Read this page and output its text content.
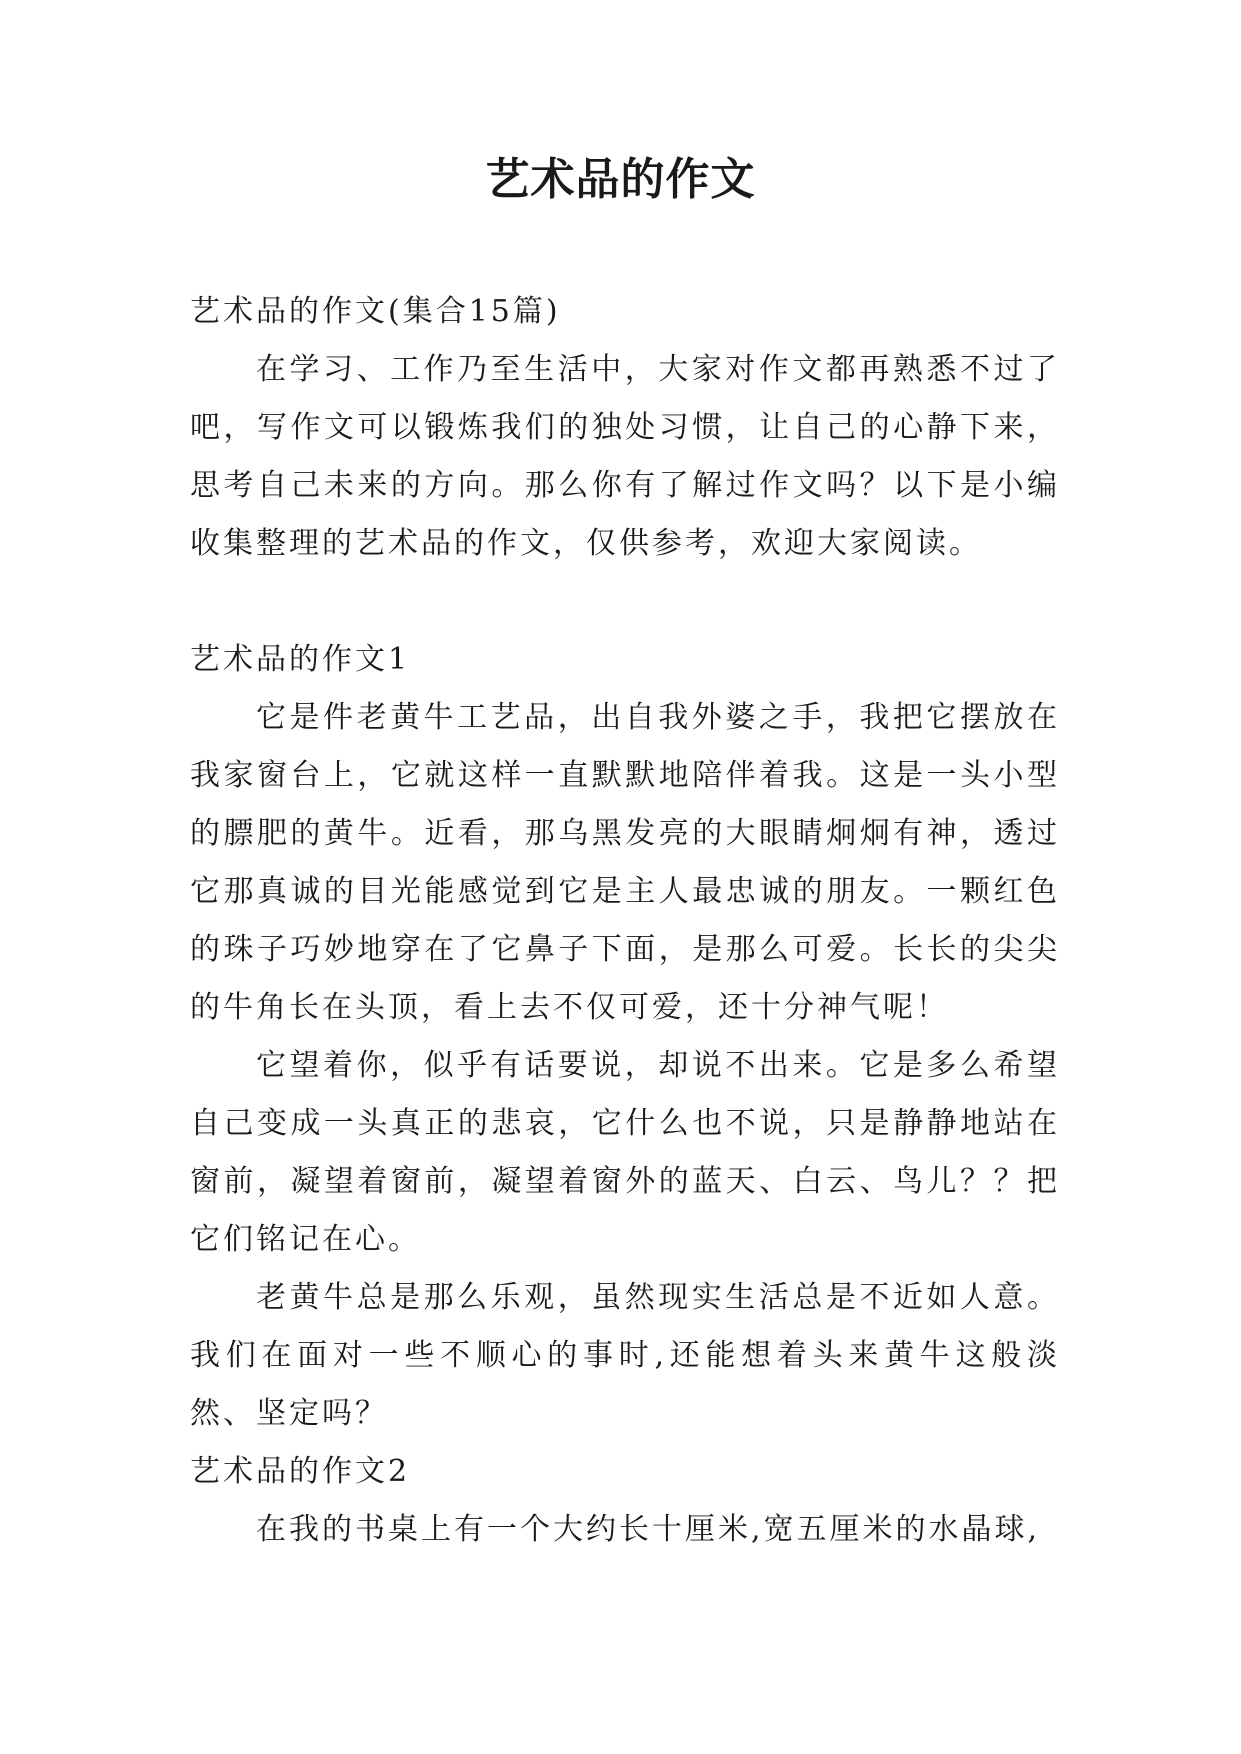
艺术品的作文

艺术品的作文(集合15篇)

在学习、工作乃至生活中，大家对作文都再熟悉不过了吧，写作文可以锻炼我们的独处习惯，让自己的心静下来，思考自己未来的方向。那么你有了解过作文吗？以下是小编收集整理的艺术品的作文，仅供参考，欢迎大家阅读。

艺术品的作文1

它是件老黄牛工艺品，出自我外婆之手，我把它摆放在我家窗台上，它就这样一直默默地陪伴着我。这是一头小型的膘肥的黄牛。近看，那乌黑发亮的大眼睛炯炯有神，透过它那真诚的目光能感觉到它是主人最忠诚的朋友。一颗红色的珠子巧妙地穿在了它鼻子下面，是那么可爱。长长的尖尖的牛角长在头顶，看上去不仅可爱，还十分神气呢！

它望着你，似乎有话要说，却说不出来。它是多么希望自己变成一头真正的悲哀，它什么也不说，只是静静地站在窗前，凝望着窗前，凝望着窗外的蓝天、白云、鸟儿？？把它们铭记在心。

老黄牛总是那么乐观，虽然现实生活总是不近如人意。我们在面对一些不顺心的事时,还能想着头来黄牛这般淡然、坚定吗？

艺术品的作文2

在我的书桌上有一个大约长十厘米,宽五厘米的水晶球,
